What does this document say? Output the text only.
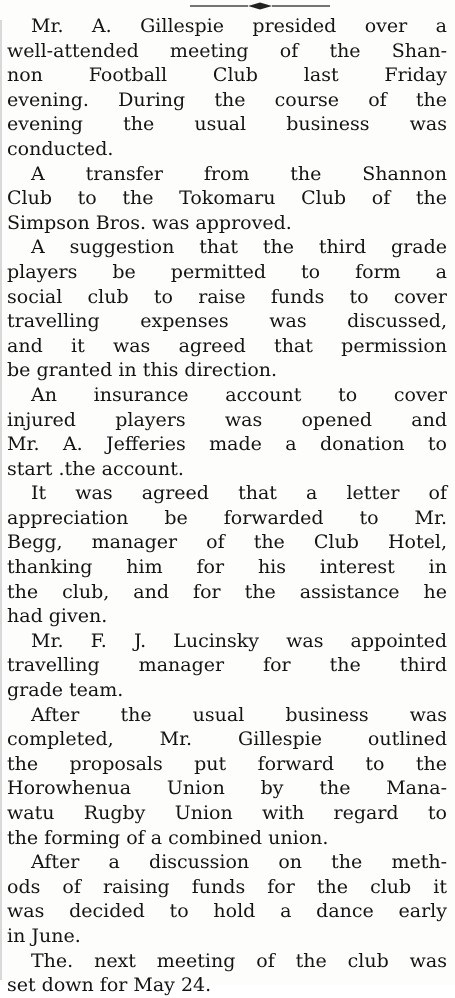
Mr. A. Gillespie presided over a
well-attended meeting of the Shan-
non Football Club last Friday
evening. During the course of the
evening the usual business was
conducted.
A transfer from the Shannon
Club to the Tokomaru Club of the
Simpson Bros. was approved.
A suggestion that the third grade
players be permitted to form a
social club to raise funds to cover
travelling expenses was discussed,
and it was agreed that permission
be granted in this direction.
An insurance account to cover
injured players was opened and
Mr. A. Jefferies made a donation to
start .the account.
It was agreed that a letter of
appreciation be forwarded to Mr.
Begg, manager of the Club Hotel,
thanking him for his interest in
the club, and for the assistance he
had given.
Mr. F. J. Lucinsky was appointed
travelling manager for the third
grade team.
After the usual business was
completed, Mr. Gillespie outlined
the proposals put forward to the
Horowhenua Union by the Mana-
watu Rugby Union with regard to
the forming of a combined union.
After a discussion on the meth-
ods of raising funds for the club it
was decided to hold a dance early
in June.
The. next meeting of the club was
set down for May 24.
